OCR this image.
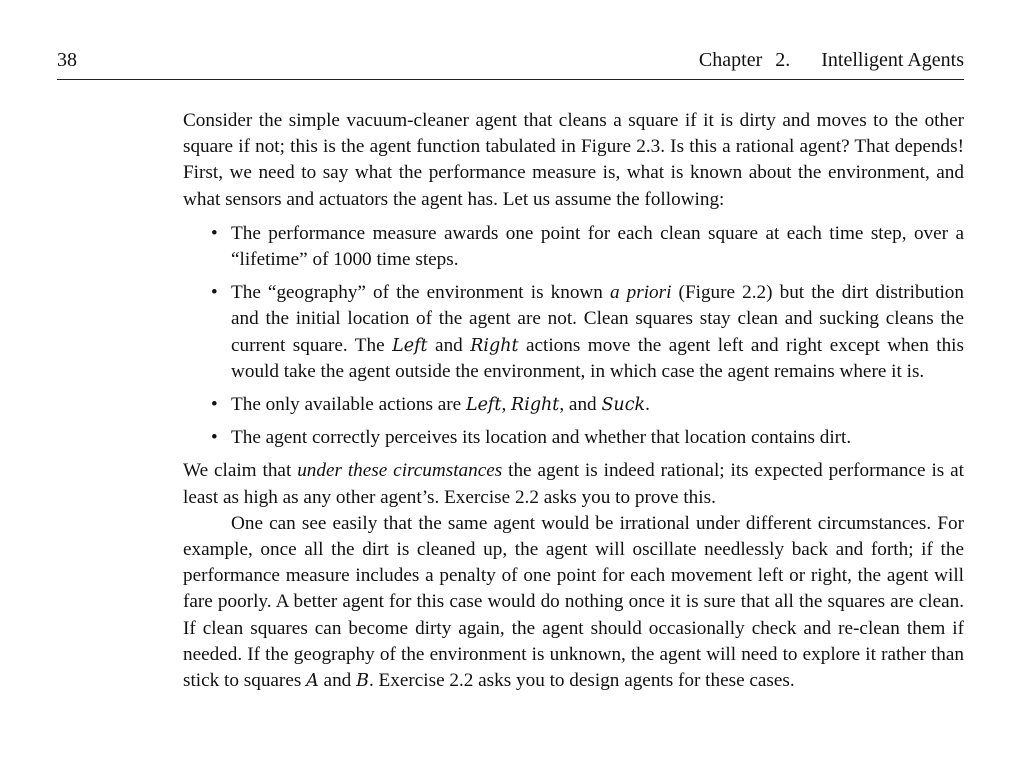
38	Chapter 2. Intelligent Agents

Consider the simple vacuum-cleaner agent that cleans a square if it is dirty and moves to the other square if not; this is the agent function tabulated in Figure 2.3. Is this a rational agent? That depends! First, we need to say what the performance measure is, what is known about the environment, and what sensors and actuators the agent has. Let us assume the following:

• The performance measure awards one point for each clean square at each time step, over a “lifetime” of 1000 time steps.
• The “geography” of the environment is known a priori (Figure 2.2) but the dirt distribution and the initial location of the agent are not. Clean squares stay clean and sucking cleans the current square. The Left and Right actions move the agent left and right except when this would take the agent outside the environment, in which case the agent remains where it is.
• The only available actions are Left, Right, and Suck.
• The agent correctly perceives its location and whether that location contains dirt.

We claim that under these circumstances the agent is indeed rational; its expected performance is at least as high as any other agent’s. Exercise 2.2 asks you to prove this.

One can see easily that the same agent would be irrational under different circumstances. For example, once all the dirt is cleaned up, the agent will oscillate needlessly back and forth; if the performance measure includes a penalty of one point for each movement left or right, the agent will fare poorly. A better agent for this case would do nothing once it is sure that all the squares are clean. If clean squares can become dirty again, the agent should occasionally check and re-clean them if needed. If the geography of the environment is unknown, the agent will need to explore it rather than stick to squares A and B. Exercise 2.2 asks you to design agents for these cases.
